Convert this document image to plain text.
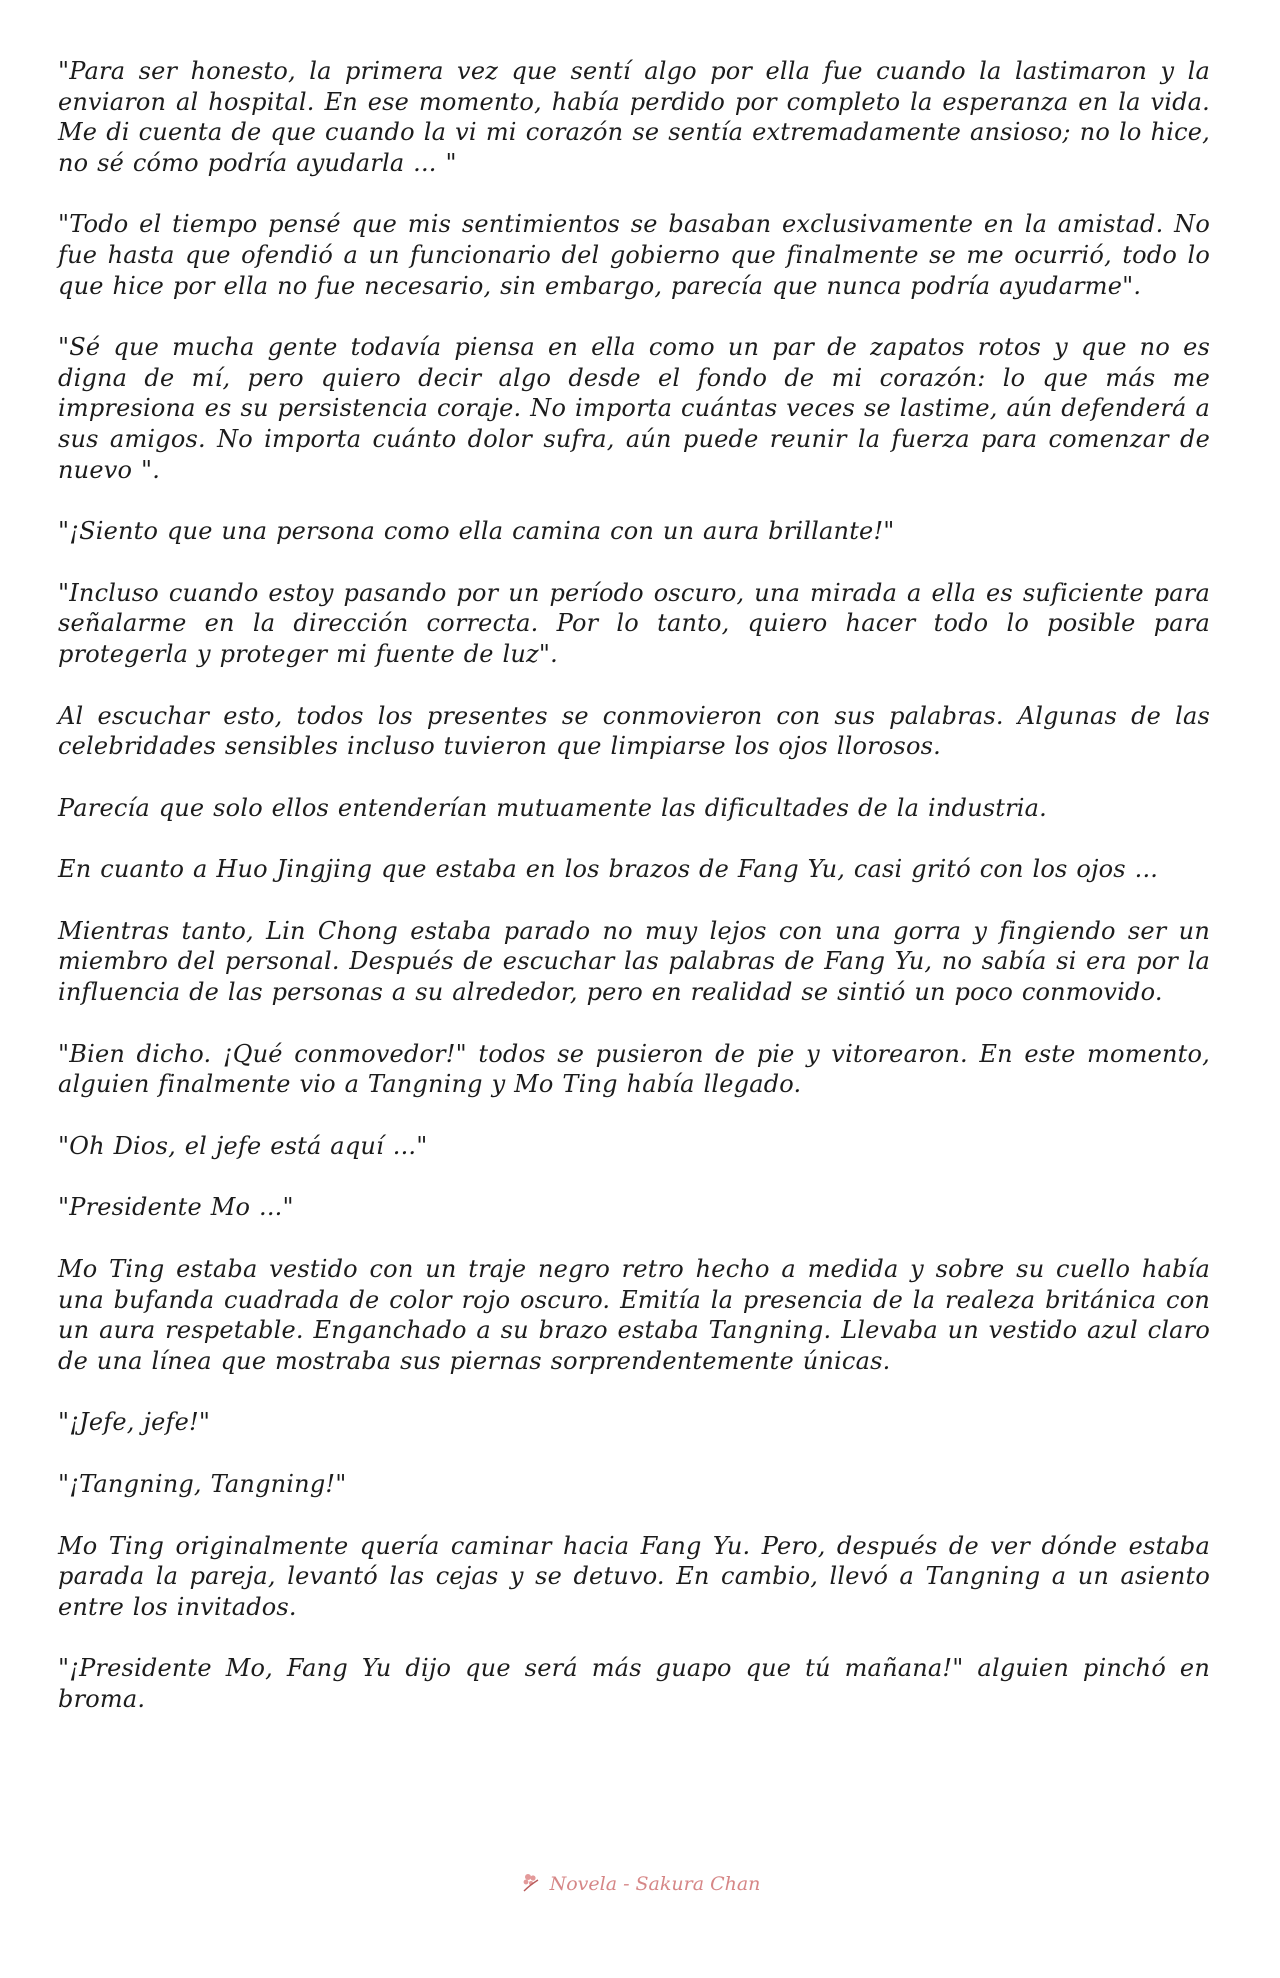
"Para ser honesto, la primera vez que sentí algo por ella fue cuando la lastimaron y la enviaron al hospital. En ese momento, había perdido por completo la esperanza en la vida. Me di cuenta de que cuando la vi mi corazón se sentía extremadamente ansioso; no lo hice, no sé cómo podría ayudarla ... "

"Todo el tiempo pensé que mis sentimientos se basaban exclusivamente en la amistad. No fue hasta que ofendió a un funcionario del gobierno que finalmente se me ocurrió, todo lo que hice por ella no fue necesario, sin embargo, parecía que nunca podría ayudarme".

"Sé que mucha gente todavía piensa en ella como un par de zapatos rotos y que no es digna de mí, pero quiero decir algo desde el fondo de mi corazón: lo que más me impresiona es su persistencia coraje. No importa cuántas veces se lastime, aún defenderá a sus amigos. No importa cuánto dolor sufra, aún puede reunir la fuerza para comenzar de nuevo ".

"¡Siento que una persona como ella camina con un aura brillante!"

"Incluso cuando estoy pasando por un período oscuro, una mirada a ella es suficiente para señalarme en la dirección correcta. Por lo tanto, quiero hacer todo lo posible para protegerla y proteger mi fuente de luz".

Al escuchar esto, todos los presentes se conmovieron con sus palabras. Algunas de las celebridades sensibles incluso tuvieron que limpiarse los ojos llorosos.

Parecía que solo ellos entenderían mutuamente las dificultades de la industria.

En cuanto a Huo Jingjing que estaba en los brazos de Fang Yu, casi gritó con los ojos ...

Mientras tanto, Lin Chong estaba parado no muy lejos con una gorra y fingiendo ser un miembro del personal. Después de escuchar las palabras de Fang Yu, no sabía si era por la influencia de las personas a su alrededor, pero en realidad se sintió un poco conmovido.

"Bien dicho. ¡Qué conmovedor!" todos se pusieron de pie y vitorearon. En este momento, alguien finalmente vio a Tangning y Mo Ting había llegado.

"Oh Dios, el jefe está aquí ..."

"Presidente Mo ..."

Mo Ting estaba vestido con un traje negro retro hecho a medida y sobre su cuello había una bufanda cuadrada de color rojo oscuro. Emitía la presencia de la realeza británica con un aura respetable. Enganchado a su brazo estaba Tangning. Llevaba un vestido azul claro de una línea que mostraba sus piernas sorprendentemente únicas.

"¡Jefe, jefe!"

"¡Tangning, Tangning!"

Mo Ting originalmente quería caminar hacia Fang Yu. Pero, después de ver dónde estaba parada la pareja, levantó las cejas y se detuvo. En cambio, llevó a Tangning a un asiento entre los invitados.

"¡Presidente Mo, Fang Yu dijo que será más guapo que tú mañana!" alguien pinchó en broma.

Novela - Sakura Chan
